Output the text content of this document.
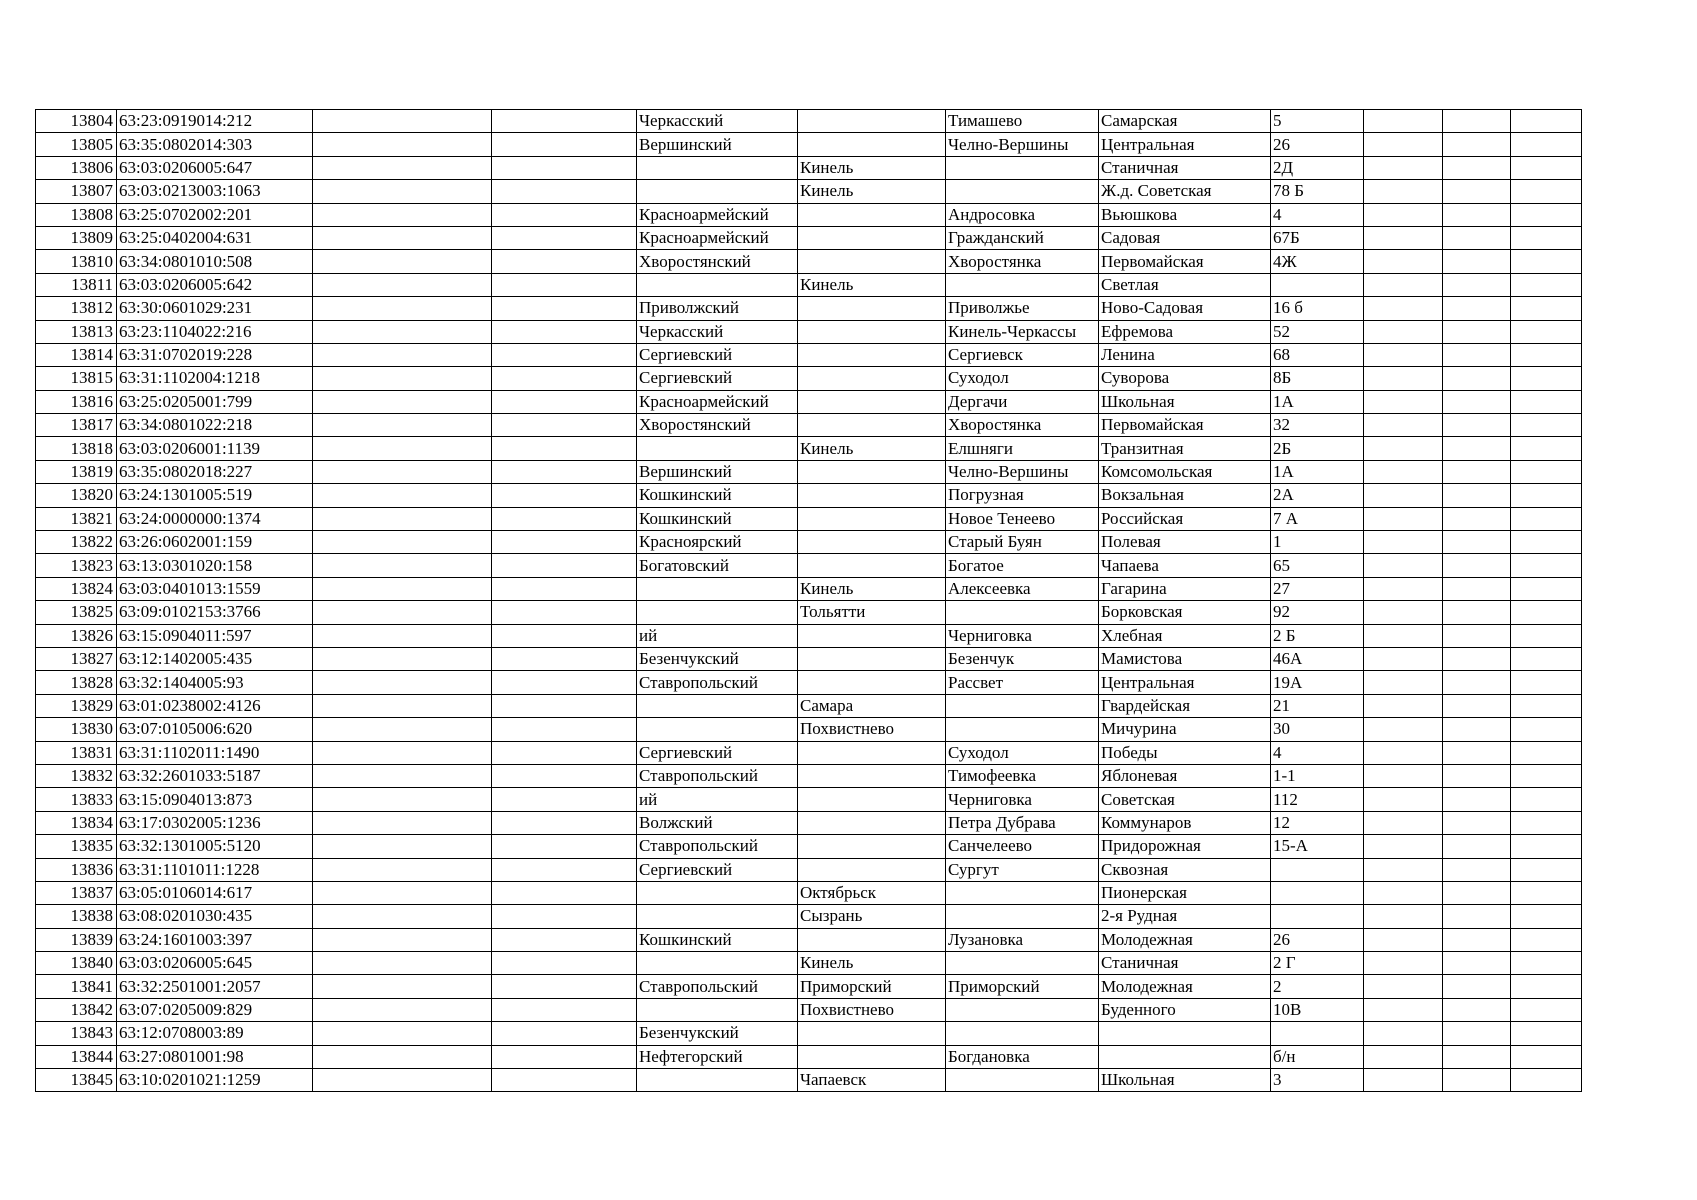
13804	63:23:0919014:212			Черкасский		Тимашево	Самарская	5			
13805	63:35:0802014:303			Вершинский		Челно-Вершины	Центральная	26			
13806	63:03:0206005:647				Кинель		Станичная	2Д			
13807	63:03:0213003:1063				Кинель		Ж.д. Советская	78 Б			
13808	63:25:0702002:201			Красноармейский		Андросовка	Вьюшкова	4			
13809	63:25:0402004:631			Красноармейский		Гражданский	Садовая	67Б			
13810	63:34:0801010:508			Хворостянский		Хворостянка	Первомайская	4Ж			
13811	63:03:0206005:642				Кинель		Светлая				
13812	63:30:0601029:231			Приволжский		Приволжье	Ново-Садовая	16 б			
13813	63:23:1104022:216			Черкасский		Кинель-Черкассы	Ефремова	52			
13814	63:31:0702019:228			Сергиевский		Сергиевск	Ленина	68			
13815	63:31:1102004:1218			Сергиевский		Суходол	Суворова	8Б			
13816	63:25:0205001:799			Красноармейский		Дергачи	Школьная	1А			
13817	63:34:0801022:218			Хворостянский		Хворостянка	Первомайская	32			
13818	63:03:0206001:1139				Кинель	Елшняги	Транзитная	2Б			
13819	63:35:0802018:227			Вершинский		Челно-Вершины	Комсомольская	1А			
13820	63:24:1301005:519			Кошкинский		Погрузная	Вокзальная	2А			
13821	63:24:0000000:1374			Кошкинский		Новое Тенеево	Российская	7 А			
13822	63:26:0602001:159			Красноярский		Старый Буян	Полевая	1			
13823	63:13:0301020:158			Богатовский		Богатое	Чапаева	65			
13824	63:03:0401013:1559				Кинель	Алексеевка	Гагарина	27			
13825	63:09:0102153:3766				Тольятти		Борковская	92			
13826	63:15:0904011:597			ий		Черниговка	Хлебная	2 Б			
13827	63:12:1402005:435			Безенчукский		Безенчук	Мамистова	46А			
13828	63:32:1404005:93			Ставропольский		Рассвет	Центральная	19А			
13829	63:01:0238002:4126				Самара		Гвардейская	21			
13830	63:07:0105006:620				Похвистнево		Мичурина	30			
13831	63:31:1102011:1490			Сергиевский		Суходол	Победы	4			
13832	63:32:2601033:5187			Ставропольский		Тимофеевка	Яблоневая	1-1			
13833	63:15:0904013:873			ий		Черниговка	Советская	112			
13834	63:17:0302005:1236			Волжский		Петра Дубрава	Коммунаров	12			
13835	63:32:1301005:5120			Ставропольский		Санчелеево	Придорожная	15-А			
13836	63:31:1101011:1228			Сергиевский		Сургут	Сквозная				
13837	63:05:0106014:617				Октябрьск		Пионерская				
13838	63:08:0201030:435				Сызрань		2-я Рудная				
13839	63:24:1601003:397			Кошкинский		Лузановка	Молодежная	26			
13840	63:03:0206005:645				Кинель		Станичная	2 Г			
13841	63:32:2501001:2057			Ставропольский	Приморский	Приморский	Молодежная	2			
13842	63:07:0205009:829				Похвистнево		Буденного	10В			
13843	63:12:0708003:89			Безенчукский							
13844	63:27:0801001:98			Нефтегорский		Богдановка		б/н			
13845	63:10:0201021:1259				Чапаевск		Школьная	3			
